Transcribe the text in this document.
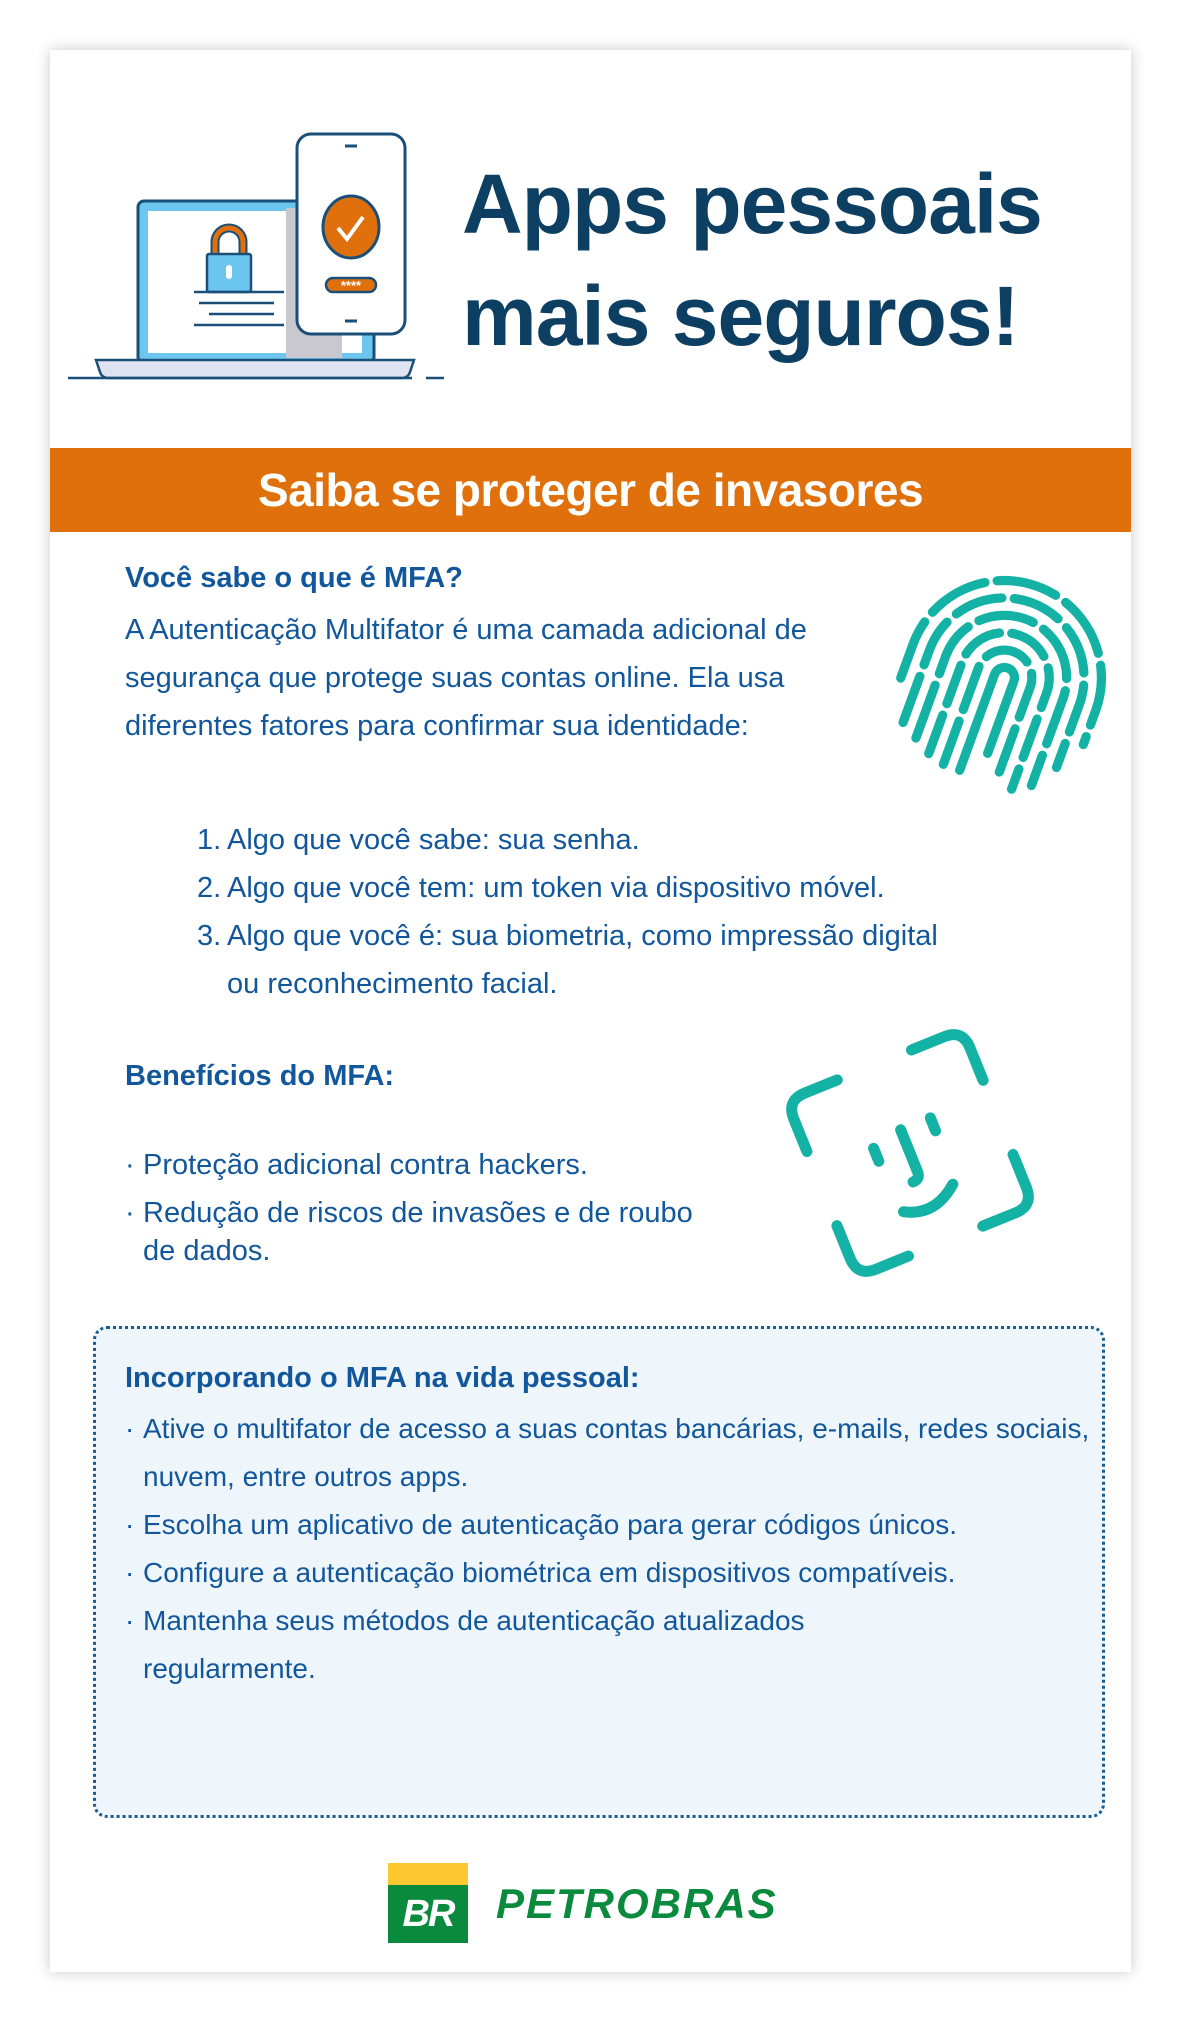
****
Apps pessoais
mais seguros!
Saiba se proteger de invasores
Você sabe o que é MFA?
A Autenticação Multifator é uma camada adicional de segurança que protege suas contas online. Ela usa diferentes fatores para confirmar sua identidade:
1. Algo que você sabe: sua senha.
2. Algo que você tem: um token via dispositivo móvel.
3. Algo que você é: sua biometria, como impressão digital ou reconhecimento facial.
Benefícios do MFA:
· Proteção adicional contra hackers.
· Redução de riscos de invasões e de roubo de dados.
Incorporando o MFA na vida pessoal:
· Ative o multifator de acesso a suas contas bancárias, e-mails, redes sociais, nuvem, entre outros apps.
· Escolha um aplicativo de autenticação para gerar códigos únicos.
· Configure a autenticação biométrica em dispositivos compatíveis.
· Mantenha seus métodos de autenticação atualizados regularmente.
BR	PETROBRAS
